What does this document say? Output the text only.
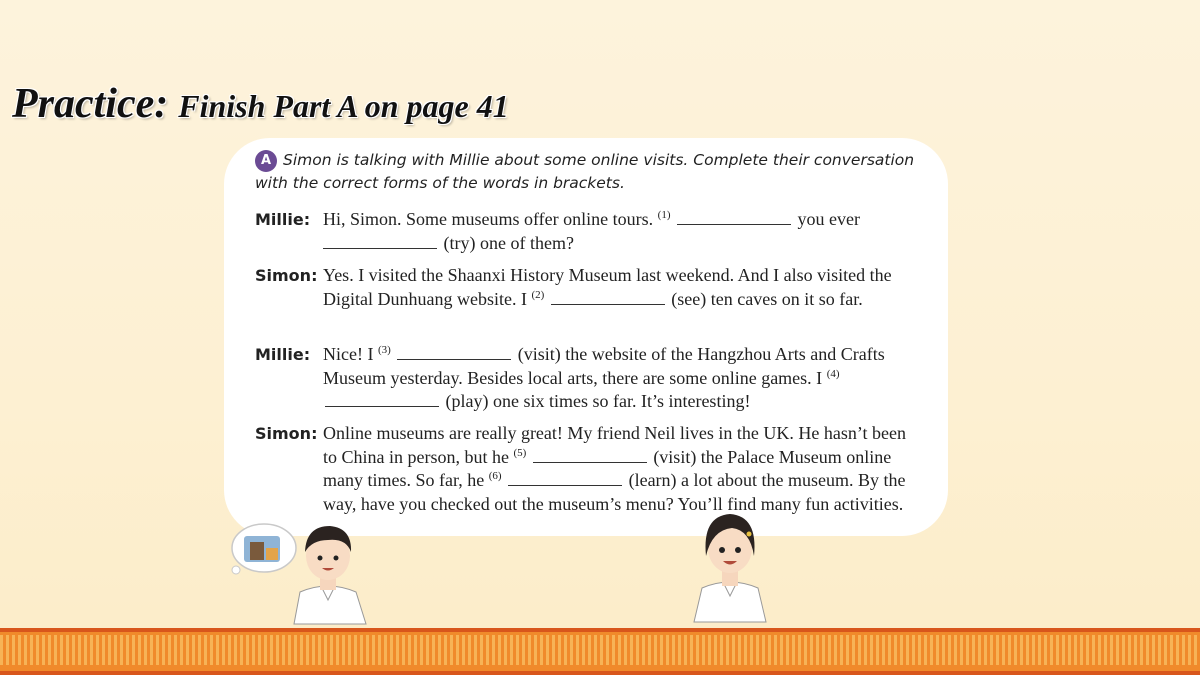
Practice: Finish Part A on page 41
A Simon is talking with Millie about some online visits. Complete their conversation with the correct forms of the words in brackets.
Millie: Hi, Simon. Some museums offer online tours. $^{(1)}$	you ever
(try) one of them?
Simon: Yes. I visited the Shaanxi History Museum last weekend. And I also visited the Digital Dunhuang website. I $^{(2)}$	(see) ten caves on it so far.
Millie: Nice! I $^{(3)}$	(visit) the website of the Hangzhou Arts and Crafts Museum yesterday. Besides local arts, there are some online games. I $^{(4)}$  (play) one six times so far. It’s interesting!
Simon: Online museums are really great! My friend Neil lives in the UK. He hasn’t been to China in person, but he $^{(5)}$	(visit) the Palace Museum online many times. So far, he $^{(6)}$	(learn) a lot about the museum. By the way, have you checked out the museum’s menu? You’ll find many fun activities.
